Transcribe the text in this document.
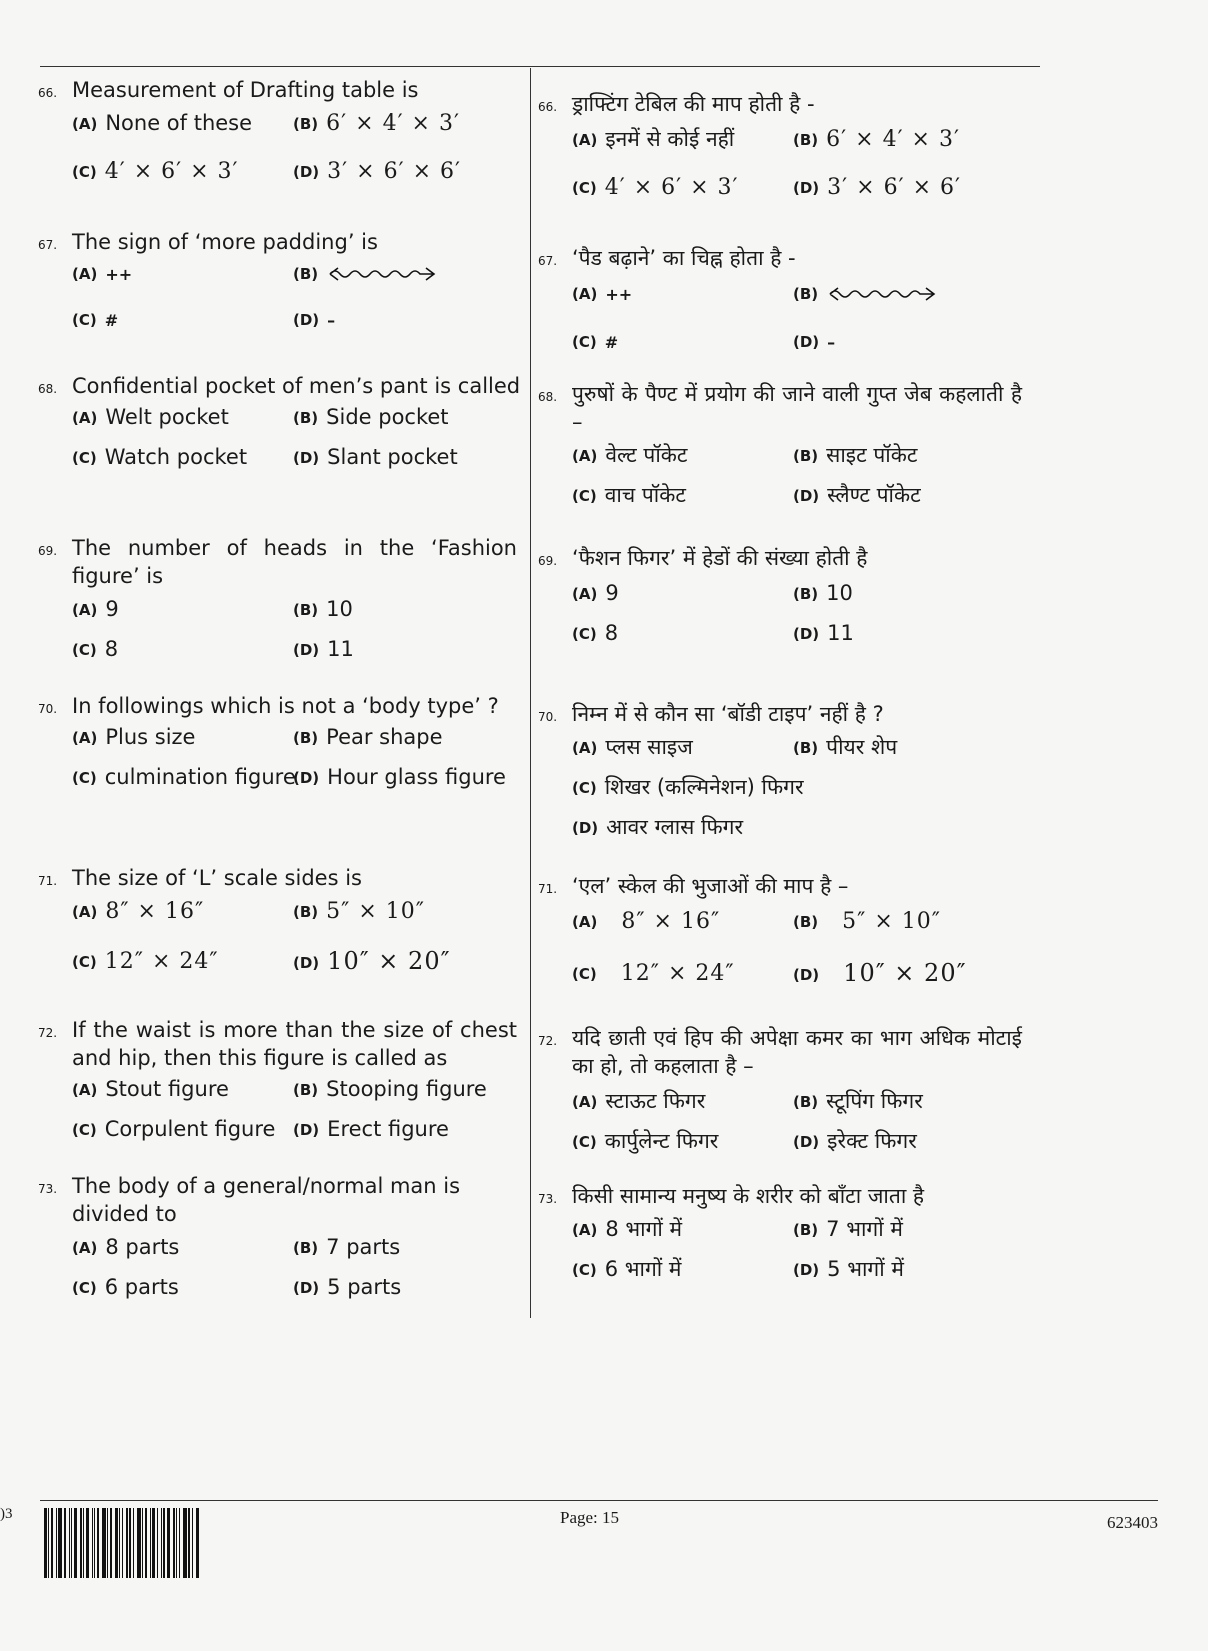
66. Measurement of Drafting table is
(A) None of these	(B) 6′ × 4′ × 3′
(C) 4′ × 6′ × 3′	(D) 3′ × 6′ × 6′
67. The sign of ‘more padding’ is
(A) ++	(B)
(C) #	(D) –
68. Confidential pocket of men’s pant is called
(A) Welt pocket	(B) Side pocket
(C) Watch pocket	(D) Slant pocket
69. The number of heads in the ‘Fashion figure’ is
(A) 9	(B) 10
(C) 8	(D) 11
70. In followings which is not a ‘body type’ ?
(A) Plus size	(B) Pear shape
(C) culmination figure
(D) Hour glass figure
71. The size of ‘L’ scale sides is
(A) 8″ × 16″	(B) 5″ × 10″
(C) 12″ × 24″	(D) 10″ × 20″
72. If the waist is more than the size of chest and hip, then this figure is called as
(A) Stout figure	(B) Stooping figure
(C) Corpulent figure (D) Erect figure
73. The body of a general/normal man is divided to
(A) 8 parts	(B) 7 parts
(C) 6 parts	(D) 5 parts
66. ड्राफ्टिंग टेबिल की माप होती है -
(A) इनमें से कोई नहीं	(B) 6′ × 4′ × 3′
(C) 4′ × 6′ × 3′	(D) 3′ × 6′ × 6′
67. ‘पैड बढ़ाने’ का चिह्न होता है -
(A) ++	(B)
(C) #	(D) –
68. पुरुषों के पैण्ट में प्रयोग की जाने वाली गुप्त जेब कहलाती है –
(A) वेल्ट पॉकेट	(B) साइट पॉकेट
(C) वाच पॉकेट	(D) स्लैण्ट पॉकेट
69. ‘फैशन फिगर’ में हेडों की संख्या होती है
(A) 9	(B) 10
(C) 8	(D) 11
70. निम्न में से कौन सा ‘बॉडी टाइप’ नहीं है ?
(A) प्लस साइज	(B) पीयर शेप
(C) शिखर (कल्मिनेशन) फिगर
(D) आवर ग्लास फिगर
71. ‘एल’ स्केल की भुजाओं की माप है –
(A) 8″ × 16″	(B) 5″ × 10″
(C) 12″ × 24″	(D) 10″ × 20″
72. यदि छाती एवं हिप की अपेक्षा कमर का भाग अधिक मोटाई का हो, तो कहलाता है –
(A) स्टाऊट फिगर	(B) स्टूपिंग फिगर
(C) कार्पुलेन्ट फिगर	(D) इरेक्ट फिगर
73. किसी सामान्य मनुष्य के शरीर को बाँटा जाता है
(A) 8 भागों में	(B) 7 भागों में
(C) 6 भागों में	(D) 5 भागों में
)3	Page: 15	623403
